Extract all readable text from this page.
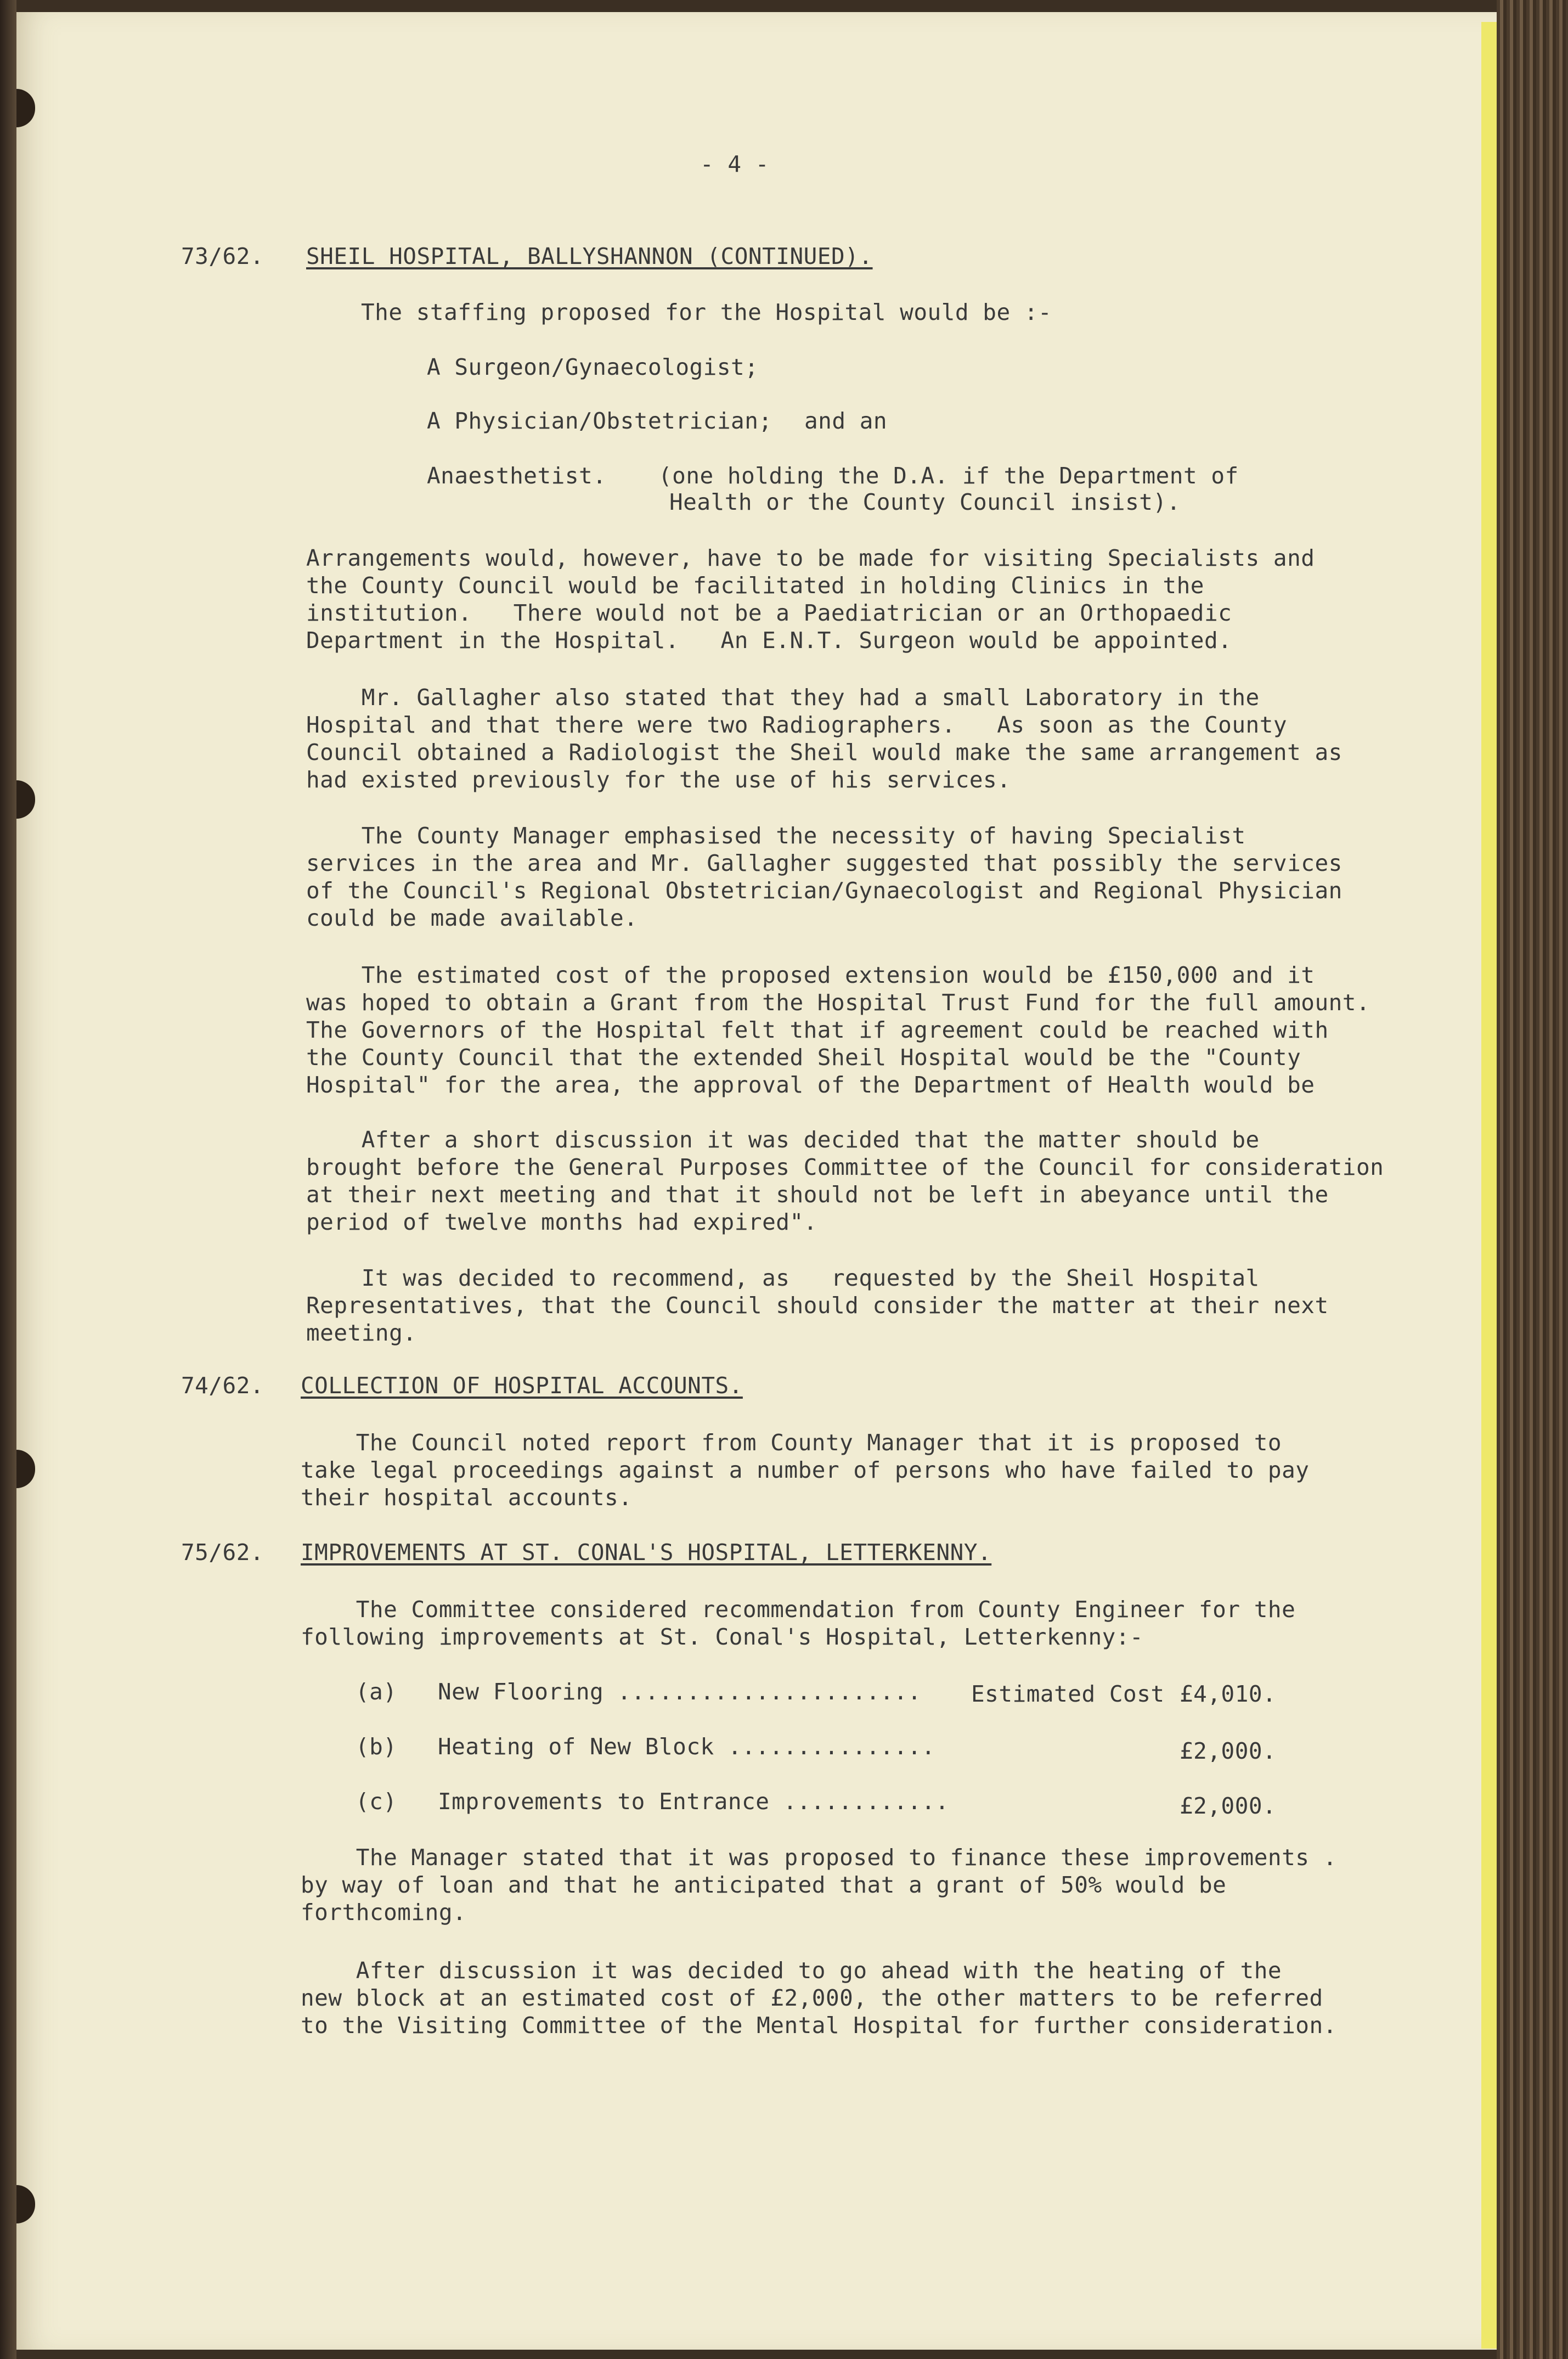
- 4 -
73/62. SHEIL HOSPITAL, BALLYSHANNON (CONTINUED).
The staffing proposed for the Hospital would be :-
A Surgeon/Gynaecologist;
A Physician/Obstetrician; and an
Anaesthetist. (one holding the D.A. if the Department of
Health or the County Council insist).
Arrangements would, however, have to be made for visiting Specialists and
the County Council would be facilitated in holding Clinics in the
institution.   There would not be a Paediatrician or an Orthopaedic
Department in the Hospital.   An E.N.T. Surgeon would be appointed.
Mr. Gallagher also stated that they had a small Laboratory in the
Hospital and that there were two Radiographers.   As soon as the County
Council obtained a Radiologist the Sheil would make the same arrangement as
had existed previously for the use of his services.
The County Manager emphasised the necessity of having Specialist
services in the area and Mr. Gallagher suggested that possibly the services
of the Council's Regional Obstetrician/Gynaecologist and Regional Physician
could be made available.
The estimated cost of the proposed extension would be £150,000 and it
was hoped to obtain a Grant from the Hospital Trust Fund for the full amount.
The Governors of the Hospital felt that if agreement could be reached with
the County Council that the extended Sheil Hospital would be the "County
Hospital" for the area, the approval of the Department of Health would be
After a short discussion it was decided that the matter should be
brought before the General Purposes Committee of the Council for consideration
at their next meeting and that it should not be left in abeyance until the
period of twelve months had expired".
It was decided to recommend, as   requested by the Sheil Hospital
Representatives, that the Council should consider the matter at their next
meeting.
74/62. COLLECTION OF HOSPITAL ACCOUNTS.
The Council noted report from County Manager that it is proposed to
take legal proceedings against a number of persons who have failed to pay
their hospital accounts.
75/62. IMPROVEMENTS AT ST. CONAL'S HOSPITAL, LETTERKENNY.
The Committee considered recommendation from County Engineer for the
following improvements at St. Conal's Hospital, Letterkenny:-
(a) New Flooring ...................... Estimated Cost £4,010.
(b) Heating of New Block ...............	£2,000.
(c) Improvements to Entrance ............	£2,000.
The Manager stated that it was proposed to finance these improvements .
by way of loan and that he anticipated that a grant of 50% would be
forthcoming.
After discussion it was decided to go ahead with the heating of the
new block at an estimated cost of £2,000, the other matters to be referred
to the Visiting Committee of the Mental Hospital for further consideration.
